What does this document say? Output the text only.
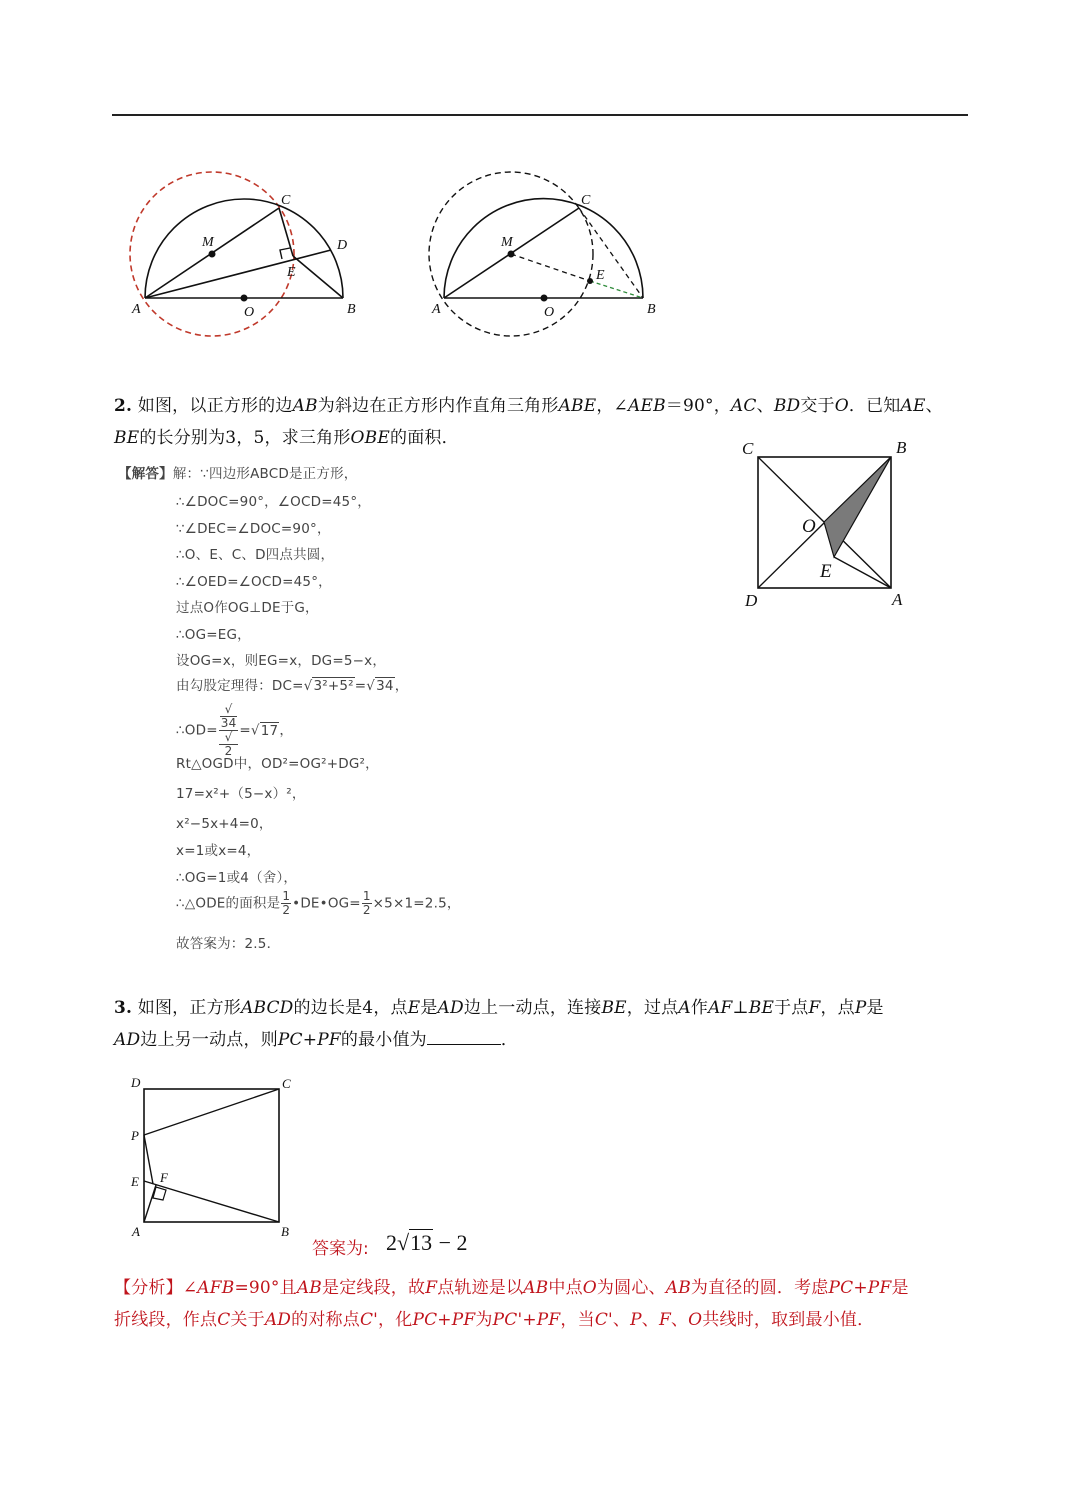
A	O	B
C
D
M
E
A	O	B
C
M
E
2. 如图，以正方形的边AB为斜边在正方形内作直角三角形ABE，∠AEB＝90°，AC、BD交于O．已知AE、
BE的长分别为3，5，求三角形OBE的面积．
C	B
O
E
D	A
【解答】解：∵四边形ABCD是正方形，
∴∠DOC=90°，∠OCD=45°，
∵∠DEC=∠DOC=90°，
∴O、E、C、D四点共圆，
∴∠OED=∠OCD=45°，
过点O作OG⊥DE于G，
∴OG=EG，
设OG=x，则EG=x，DG=5−x，
由勾股定理得：DC=√3²+5²=√34，
∴OD= √
34
√
2 =√17，
Rt△OGD中，OD²=OG²+DG²，
17=x²+（5−x）²，
x²−5x+4=0，
x=1或x=4，
∴OG=1或4（舍），
∴△ODE的面积是 $\frac{1}{2}$ •DE•OG= $\frac{1}{2} \times 5\times 1=2.5$，
故答案为：2.5．
3. 如图，正方形ABCD的边长是4，点E是AD边上一动点，连接BE，过点A作AF⊥BE于点F，点P是
AD边上另一动点，则PC+PF的最小值为	．
D	C
P
E F
A	B
答案为: 2√13 − 2
【分析】∠AFB=90°且AB是定线段，故F点轨迹是以AB中点O为圆心、AB为直径的圆．考虑PC+PF是
折线段，作点C关于AD的对称点C'，化PC+PF为PC'+PF，当C'、P、F、O共线时，取到最小值．
